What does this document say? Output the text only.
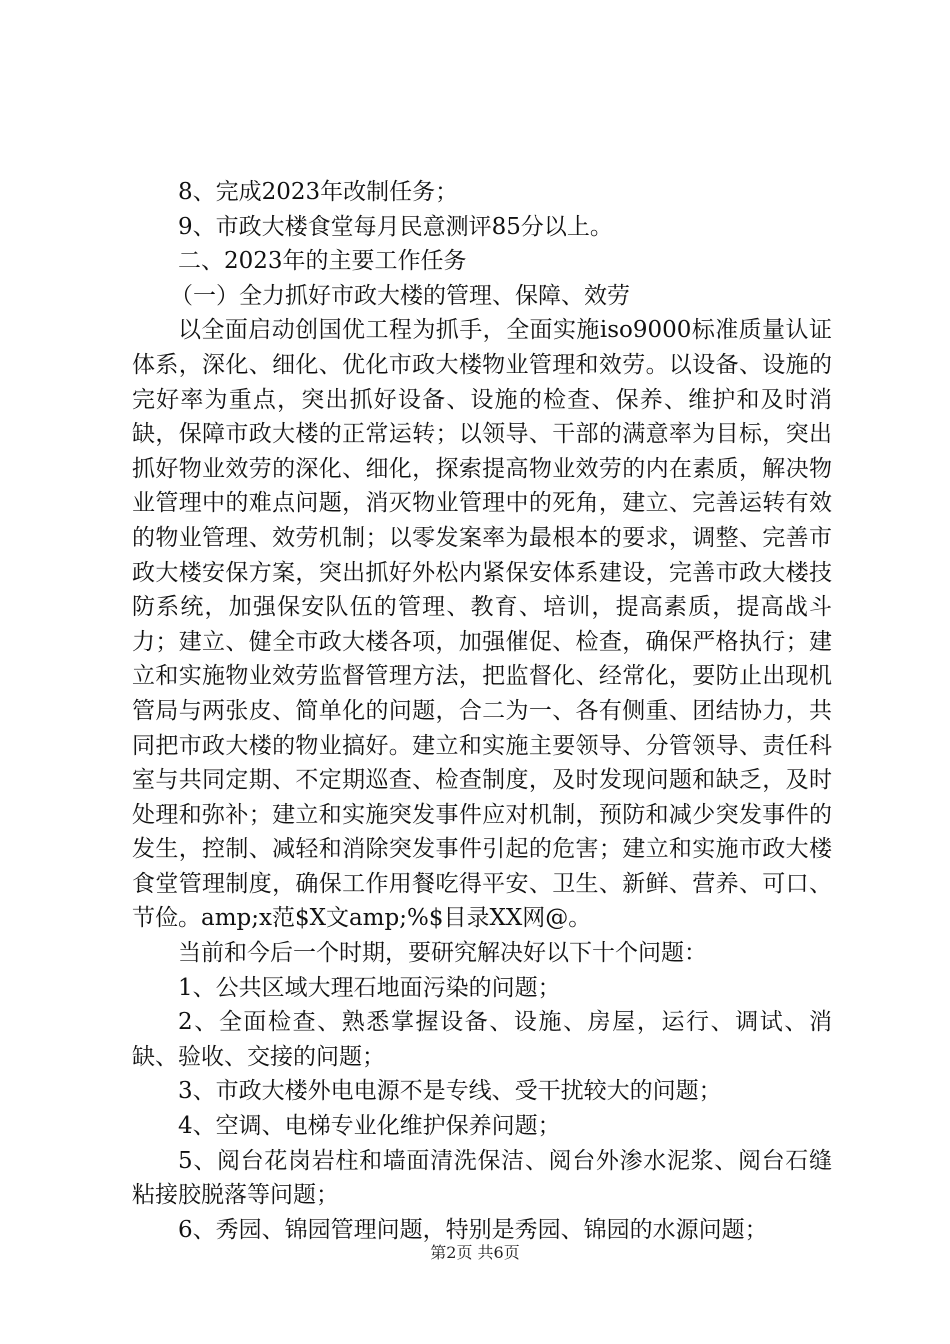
8、完成2023年改制任务；

9、市政大楼食堂每月民意测评85分以上。

二、2023年的主要工作任务

（一）全力抓好市政大楼的管理、保障、效劳

以全面启动创国优工程为抓手，全面实施iso9000标准质量认证体系，深化、细化、优化市政大楼物业管理和效劳。以设备、设施的完好率为重点，突出抓好设备、设施的检查、保养、维护和及时消缺，保障市政大楼的正常运转；以领导、干部的满意率为目标，突出抓好物业效劳的深化、细化，探索提高物业效劳的内在素质，解决物业管理中的难点问题，消灭物业管理中的死角，建立、完善运转有效的物业管理、效劳机制；以零发案率为最根本的要求，调整、完善市政大楼安保方案，突出抓好外松内紧保安体系建设，完善市政大楼技防系统，加强保安队伍的管理、教育、培训，提高素质，提高战斗力；建立、健全市政大楼各项，加强催促、检查，确保严格执行；建立和实施物业效劳监督管理方法，把监督化、经常化，要防止出现机管局与两张皮、简单化的问题，合二为一、各有侧重、团结协力，共同把市政大楼的物业搞好。建立和实施主要领导、分管领导、责任科室与共同定期、不定期巡查、检查制度，及时发现问题和缺乏，及时处理和弥补；建立和实施突发事件应对机制，预防和减少突发事件的发生，控制、减轻和消除突发事件引起的危害；建立和实施市政大楼食堂管理制度，确保工作用餐吃得平安、卫生、新鲜、营养、可口、节俭。amp;x范$X文amp;%$目录XX网@。

当前和今后一个时期，要研究解决好以下十个问题：

1、公共区域大理石地面污染的问题；

2、全面检查、熟悉掌握设备、设施、房屋，运行、调试、消缺、验收、交接的问题；

3、市政大楼外电电源不是专线、受干扰较大的问题；

4、空调、电梯专业化维护保养问题；

5、阅台花岗岩柱和墙面清洗保洁、阅台外渗水泥浆、阅台石缝粘接胶脱落等问题；

6、秀园、锦园管理问题，特别是秀园、锦园的水源问题；

第2页 共6页
